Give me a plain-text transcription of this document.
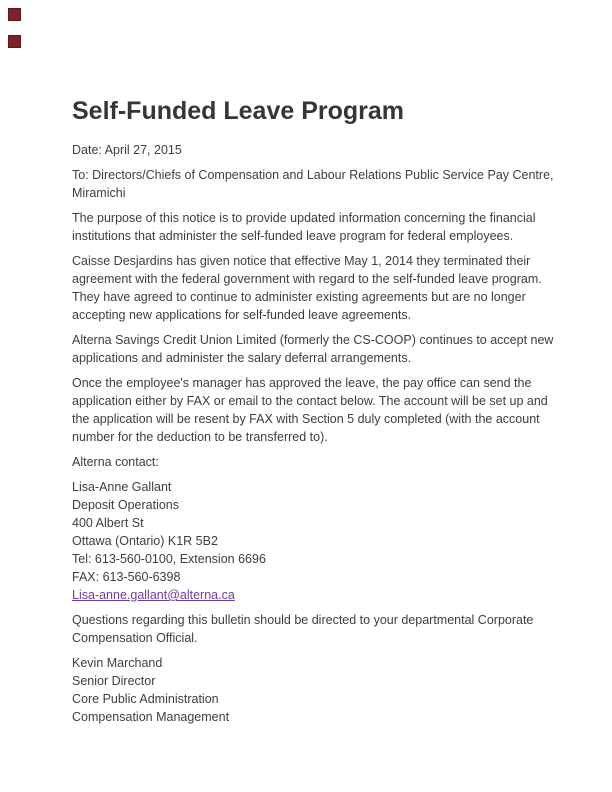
Self-Funded Leave Program

Date: April 27, 2015

To: Directors/Chiefs of Compensation and Labour Relations Public Service Pay Centre, Miramichi

The purpose of this notice is to provide updated information concerning the financial institutions that administer the self-funded leave program for federal employees.

Caisse Desjardins has given notice that effective May 1, 2014 they terminated their agreement with the federal government with regard to the self-funded leave program. They have agreed to continue to administer existing agreements but are no longer accepting new applications for self-funded leave agreements.

Alterna Savings Credit Union Limited (formerly the CS-COOP) continues to accept new applications and administer the salary deferral arrangements.

Once the employee's manager has approved the leave, the pay office can send the application either by FAX or email to the contact below. The account will be set up and the application will be resent by FAX with Section 5 duly completed (with the account number for the deduction to be transferred to).

Alterna contact:

Lisa-Anne Gallant
Deposit Operations
400 Albert St
Ottawa (Ontario) K1R 5B2
Tel: 613-560-0100, Extension 6696
FAX: 613-560-6398
Lisa-anne.gallant@alterna.ca

Questions regarding this bulletin should be directed to your departmental Corporate Compensation Official.

Kevin Marchand
Senior Director
Core Public Administration
Compensation Management
